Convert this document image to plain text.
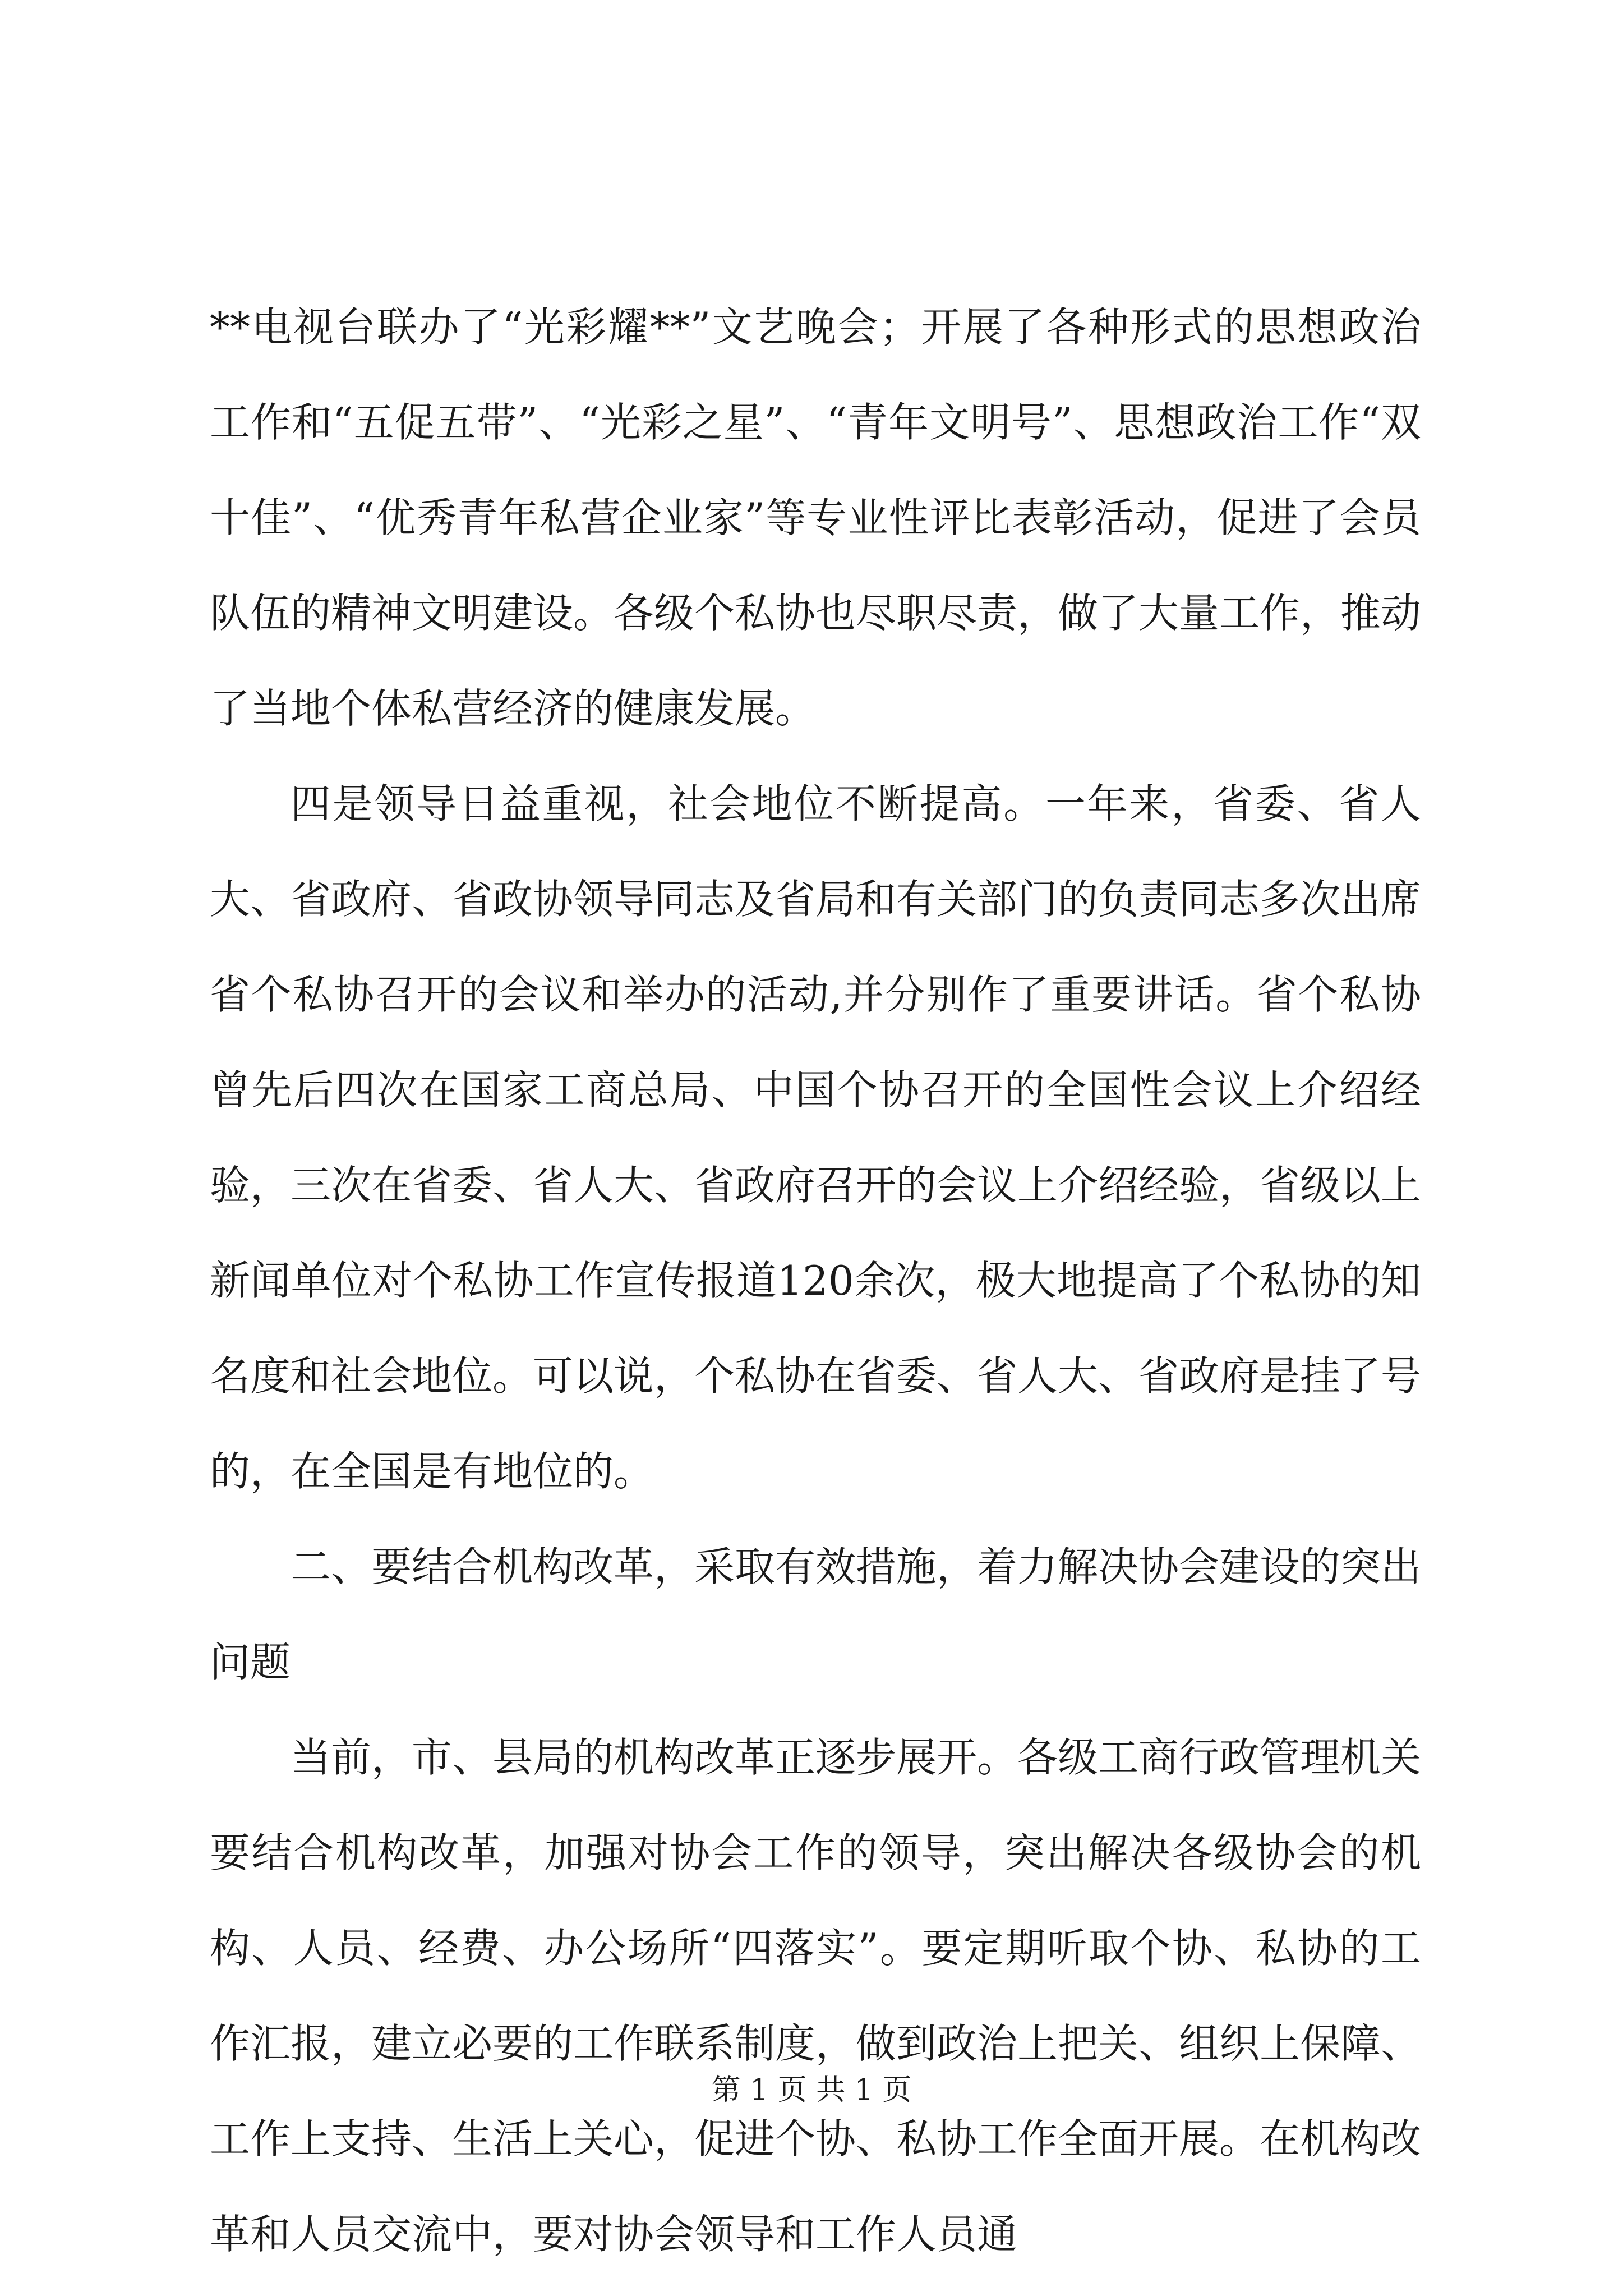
**电视台联办了“光彩耀**”文艺晚会；开展了各种形式的思想政治工作和“五促五带”、“光彩之星”、“青年文明号”、思想政治工作“双十佳”、“优秀青年私营企业家”等专业性评比表彰活动，促进了会员队伍的精神文明建设。各级个私协也尽职尽责，做了大量工作，推动了当地个体私营经济的健康发展。

四是领导日益重视，社会地位不断提高。一年来，省委、省人大、省政府、省政协领导同志及省局和有关部门的负责同志多次出席省个私协召开的会议和举办的活动,并分别作了重要讲话。省个私协曾先后四次在国家工商总局、中国个协召开的全国性会议上介绍经验，三次在省委、省人大、省政府召开的会议上介绍经验，省级以上新闻单位对个私协工作宣传报道120余次，极大地提高了个私协的知名度和社会地位。可以说，个私协在省委、省人大、省政府是挂了号的，在全国是有地位的。

二、要结合机构改革，采取有效措施，着力解决协会建设的突出问题

当前，市、县局的机构改革正逐步展开。各级工商行政管理机关要结合机构改革，加强对协会工作的领导，突出解决各级协会的机构、人员、经费、办公场所“四落实”。要定期听取个协、私协的工作汇报，建立必要的工作联系制度，做到政治上把关、组织上保障、工作上支持、生活上关心，促进个协、私协工作全面开展。在机构改革和人员交流中，要对协会领导和工作人员通

第 1 页 共 1 页
